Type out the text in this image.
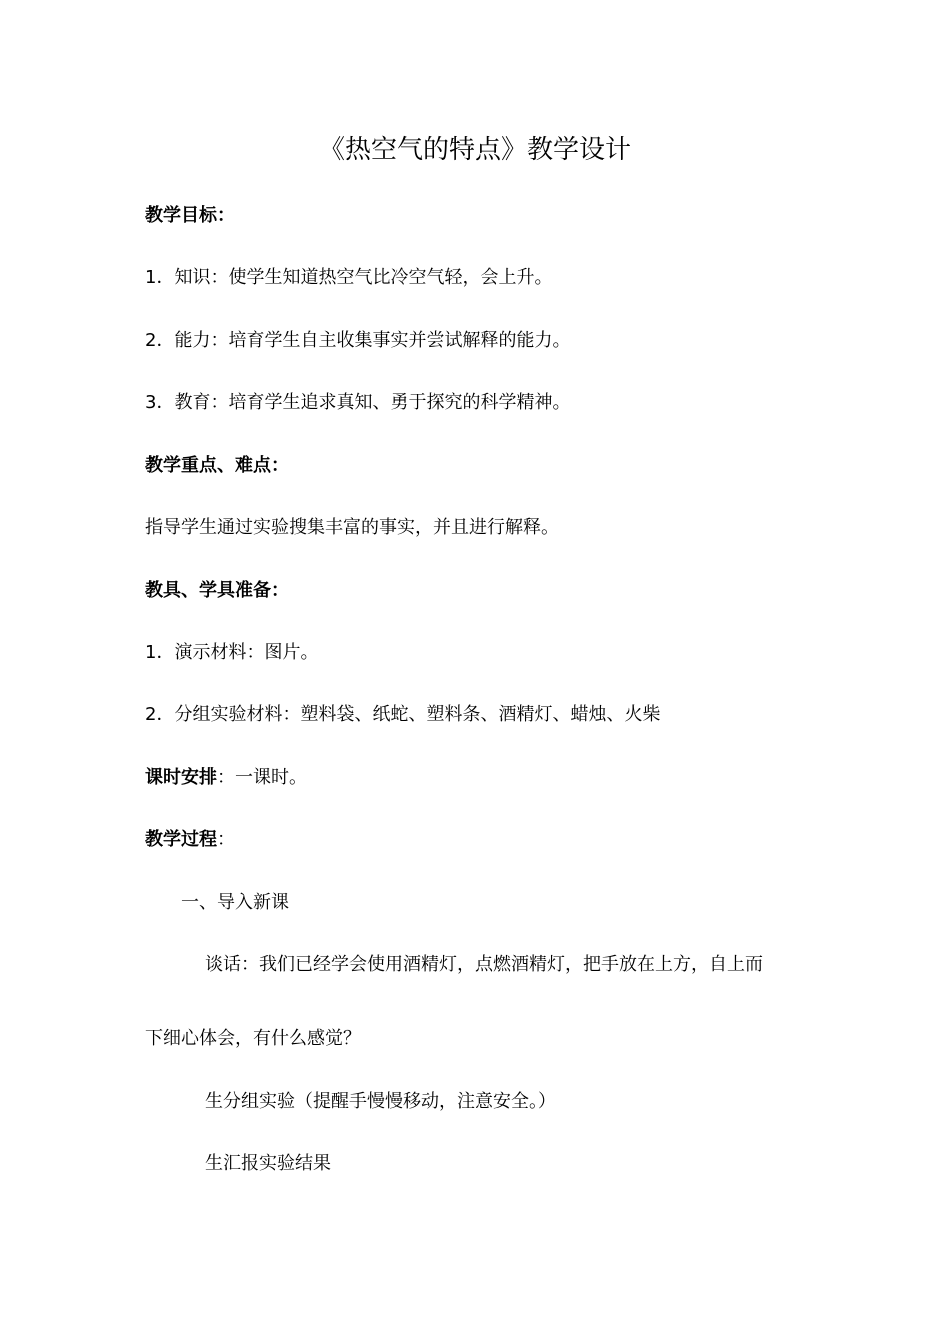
《热空气的特点》教学设计
教学目标：
1．知识：使学生知道热空气比冷空气轻，会上升。
2．能力：培育学生自主收集事实并尝试解释的能力。
3．教育：培育学生追求真知、勇于探究的科学精神。
教学重点、难点：
指导学生通过实验搜集丰富的事实，并且进行解释。
教具、学具准备：
1．演示材料：图片。
2．分组实验材料：塑料袋、纸蛇、塑料条、酒精灯、蜡烛、火柴
课时安排：一课时。
教学过程：
一、导入新课
谈话：我们已经学会使用酒精灯，点燃酒精灯，把手放在上方，自上而
下细心体会，有什么感觉？
生分组实验（提醒手慢慢移动，注意安全。）
生汇报实验结果
